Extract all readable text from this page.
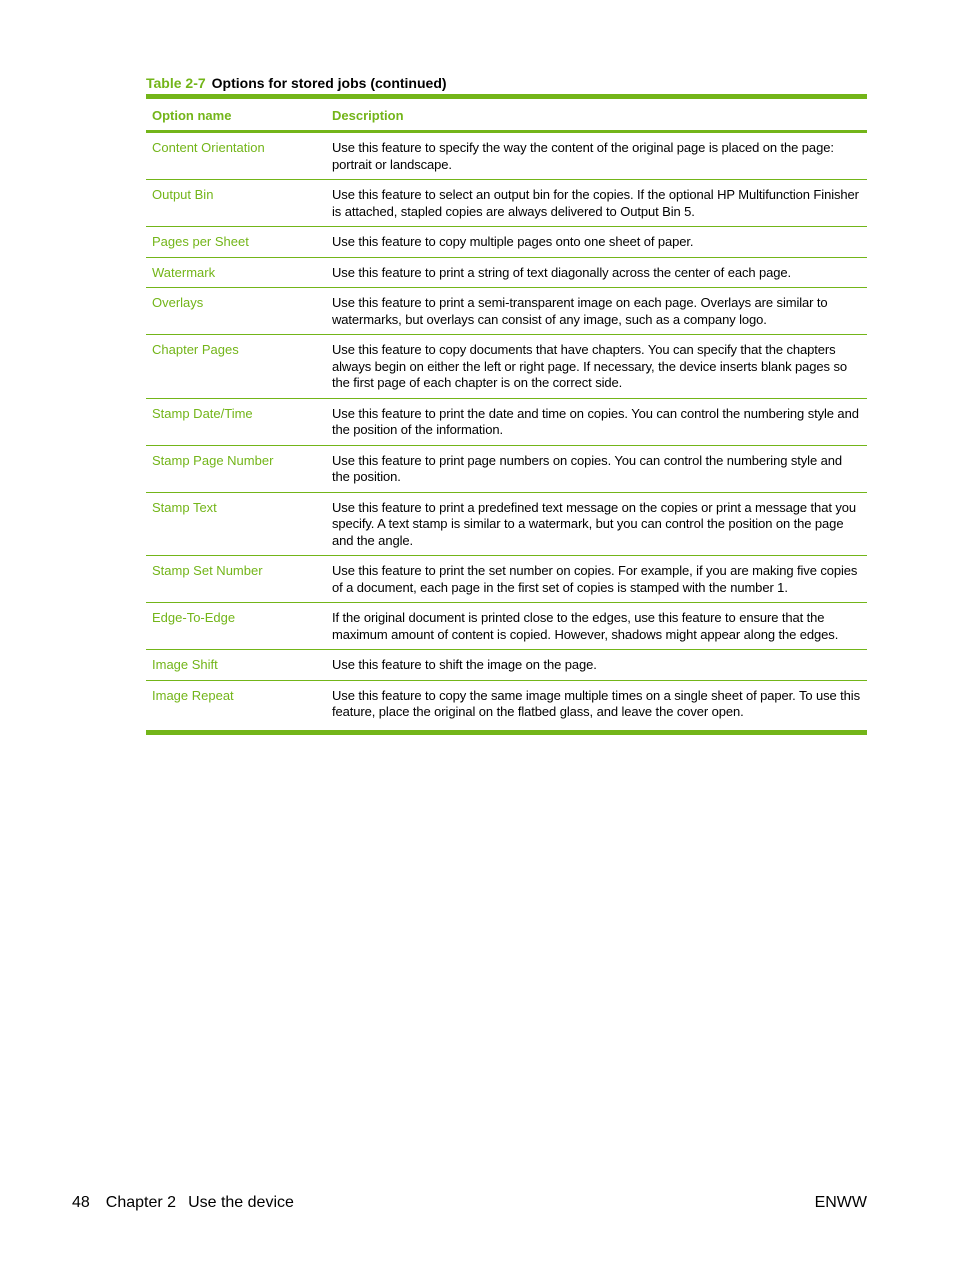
Table 2-7 Options for stored jobs (continued)
Option name	Description
Content Orientation	Use this feature to specify the way the content of the original page is placed on the page: portrait or landscape.
Output Bin	Use this feature to select an output bin for the copies. If the optional HP Multifunction Finisher is attached, stapled copies are always delivered to Output Bin 5.
Pages per Sheet	Use this feature to copy multiple pages onto one sheet of paper.
Watermark	Use this feature to print a string of text diagonally across the center of each page.
Overlays	Use this feature to print a semi-transparent image on each page. Overlays are similar to watermarks, but overlays can consist of any image, such as a company logo.
Chapter Pages	Use this feature to copy documents that have chapters. You can specify that the chapters always begin on either the left or right page. If necessary, the device inserts blank pages so the first page of each chapter is on the correct side.
Stamp Date/Time	Use this feature to print the date and time on copies. You can control the numbering style and the position of the information.
Stamp Page Number	Use this feature to print page numbers on copies. You can control the numbering style and the position.
Stamp Text	Use this feature to print a predefined text message on the copies or print a message that you specify. A text stamp is similar to a watermark, but you can control the position on the page and the angle.
Stamp Set Number	Use this feature to print the set number on copies. For example, if you are making five copies of a document, each page in the first set of copies is stamped with the number 1.
Edge-To-Edge	If the original document is printed close to the edges, use this feature to ensure that the maximum amount of content is copied. However, shadows might appear along the edges.
Image Shift	Use this feature to shift the image on the page.
Image Repeat	Use this feature to copy the same image multiple times on a single sheet of paper. To use this feature, place the original on the flatbed glass, and leave the cover open.
48 Chapter 2 Use the device	ENWW
